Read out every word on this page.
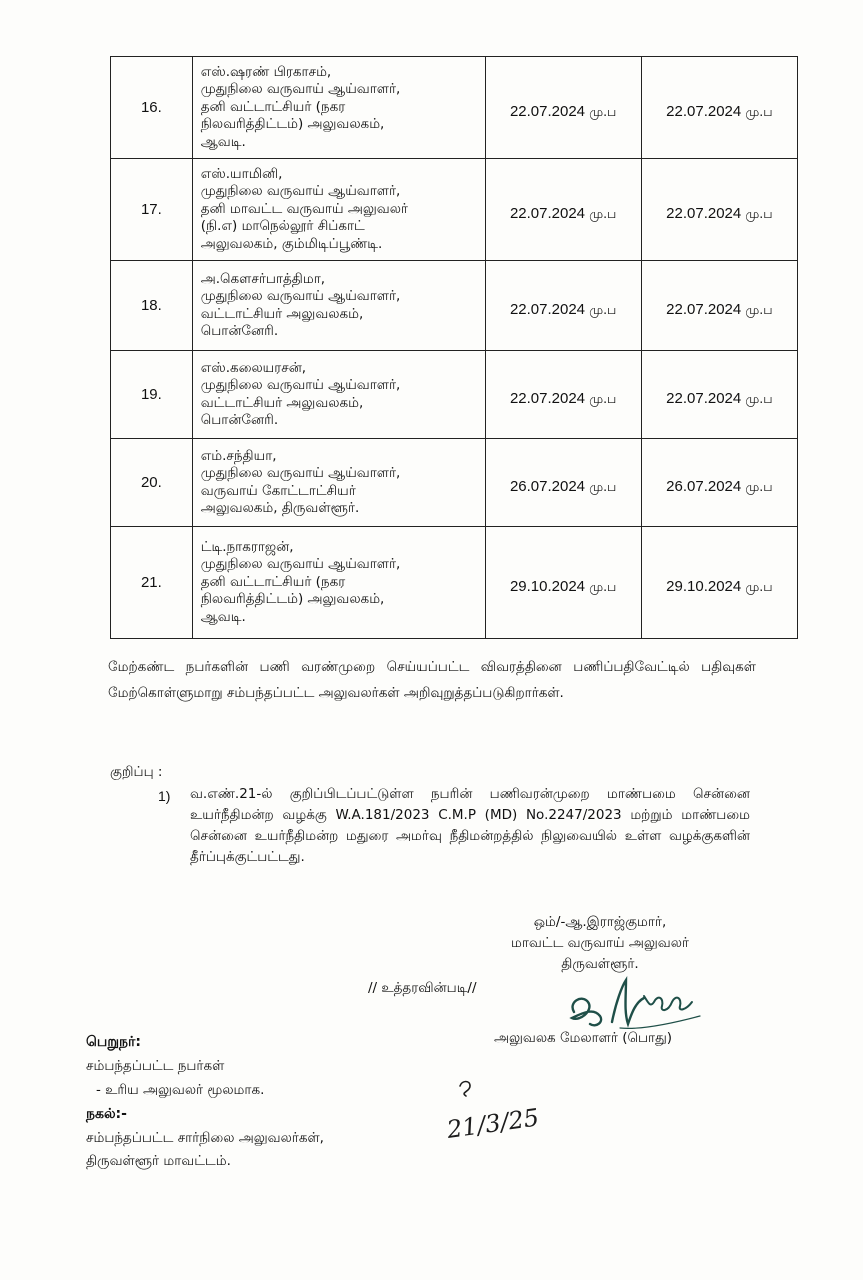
16.	எஸ்.ஷரண் பிரகாசம்,
முதுநிலை வருவாய் ஆய்வாளர்,
தனி வட்டாட்சியர் (நகர
நிலவரித்திட்டம்) அலுவலகம்,
ஆவடி.	22.07.2024 மு.ப	22.07.2024 மு.ப
17.	எஸ்.யாமினி,
முதுநிலை வருவாய் ஆய்வாளர்,
தனி மாவட்ட வருவாய் அலுவலர்
(நி.எ) மாநெல்லூர் சிப்காட்
அலுவலகம், கும்மிடிப்பூண்டி.	22.07.2024 மு.ப	22.07.2024 மு.ப
18.	அ.கௌசர்பாத்திமா,
முதுநிலை வருவாய் ஆய்வாளர்,
வட்டாட்சியர் அலுவலகம்,
பொன்னேரி.	22.07.2024 மு.ப	22.07.2024 மு.ப
19.	எஸ்.கலையரசன்,
முதுநிலை வருவாய் ஆய்வாளர்,
வட்டாட்சியர் அலுவலகம்,
பொன்னேரி.	22.07.2024 மு.ப	22.07.2024 மு.ப
20.	எம்.சந்தியா,
முதுநிலை வருவாய் ஆய்வாளர்,
வருவாய் கோட்டாட்சியர்
அலுவலகம், திருவள்ளூர்.	26.07.2024 மு.ப	26.07.2024 மு.ப
21.	ட்டி.நாகராஜன்,
முதுநிலை வருவாய் ஆய்வாளர்,
தனி வட்டாட்சியர் (நகர
நிலவரித்திட்டம்) அலுவலகம்,
ஆவடி.	29.10.2024 மு.ப	29.10.2024 மு.ப
மேற்கண்ட நபர்களின் பணி வரண்முறை செய்யப்பட்ட விவரத்தினை பணிப்பதிவேட்டில் பதிவுகள் மேற்கொள்ளுமாறு சம்பந்தப்பட்ட அலுவலர்கள் அறிவுறுத்தப்படுகிறார்கள்.
குறிப்பு :
1) வ.எண்.21-ல் குறிப்பிடப்பட்டுள்ள நபரின் பணிவரன்முறை மாண்பமை சென்னை உயர்நீதிமன்ற வழக்கு W.A.181/2023 C.M.P (MD) No.2247/2023 மற்றும் மாண்பமை சென்னை உயர்நீதிமன்ற மதுரை அமர்வு நீதிமன்றத்தில் நிலுவையில் உள்ள வழக்குகளின் தீர்ப்புக்குட்பட்டது.
ஒம்/-ஆ.இராஜ்குமார்,
மாவட்ட வருவாய் அலுவலர்
திருவள்ளூர்.
// உத்தரவின்படி//
அலுவலக மேலாளர் (பொது)
21/3/25
பெறுநர்:
சம்பந்தப்பட்ட நபர்கள்
- உரிய அலுவலர் மூலமாக.
நகல்:-
சம்பந்தப்பட்ட சார்நிலை அலுவலர்கள்,
திருவள்ளூர் மாவட்டம்.
